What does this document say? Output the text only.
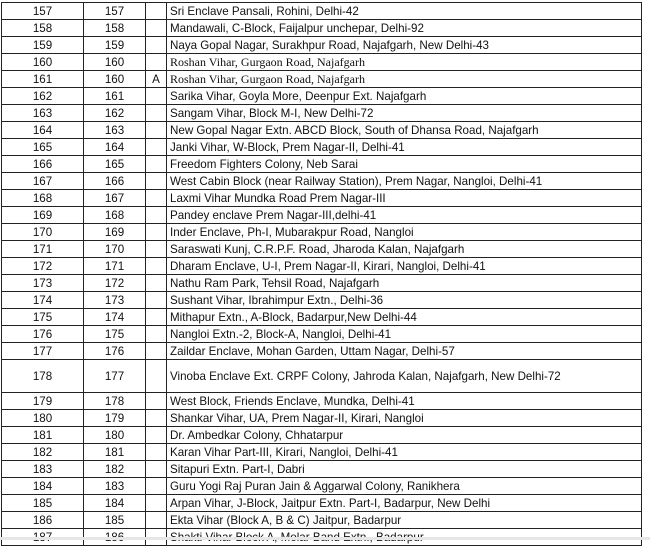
157	157		Sri Enclave Pansali, Rohini, Delhi-42
158	158		Mandawali, C-Block, Faijalpur unchepar, Delhi-92
159	159		Naya Gopal Nagar, Surakhpur Road, Najafgarh, New Delhi-43
160	160		Roshan Vihar, Gurgaon Road, Najafgarh
161	160	A	Roshan Vihar, Gurgaon Road, Najafgarh
162	161		Sarika Vihar, Goyla More, Deenpur Ext. Najafgarh
163	162		Sangam Vihar, Block M-I, New Delhi-72
164	163		New Gopal Nagar Extn. ABCD Block, South of Dhansa Road, Najafgarh
165	164		Janki Vihar, W-Block, Prem Nagar-II, Delhi-41
166	165		Freedom Fighters Colony, Neb Sarai
167	166		West Cabin Block (near Railway Station), Prem Nagar, Nangloi, Delhi-41
168	167		Laxmi Vihar Mundka Road Prem Nagar-III
169	168		Pandey enclave Prem Nagar-III,delhi-41
170	169		Inder Enclave, Ph-I, Mubarakpur Road, Nangloi
171	170		Saraswati Kunj, C.R.P.F. Road, Jharoda Kalan, Najafgarh
172	171		Dharam Enclave, U-I, Prem Nagar-II, Kirari, Nangloi, Delhi-41
173	172		Nathu Ram Park, Tehsil Road, Najafgarh
174	173		Sushant Vihar, Ibrahimpur Extn., Delhi-36
175	174		Mithapur Extn., A-Block, Badarpur,New Delhi-44
176	175		Nangloi Extn.-2, Block-A, Nangloi, Delhi-41
177	176		Zaildar Enclave, Mohan Garden, Uttam Nagar, Delhi-57
178	177		Vinoba Enclave Ext. CRPF Colony, Jahroda Kalan, Najafgarh, New Delhi-72
179	178		West Block, Friends Enclave, Mundka, Delhi-41
180	179		Shankar Vihar, UA, Prem Nagar-II, Kirari, Nangloi
181	180		Dr. Ambedkar Colony, Chhatarpur
182	181		Karan Vihar Part-III, Kirari, Nangloi, Delhi-41
183	182		Sitapuri Extn. Part-I, Dabri
184	183		Guru Yogi Raj Puran Jain & Aggarwal Colony, Ranikhera
185	184		Arpan Vihar, J-Block, Jaitpur Extn. Part-I, Badarpur, New Delhi
186	185		Ekta Vihar (Block A, B & C) Jaitpur, Badarpur
